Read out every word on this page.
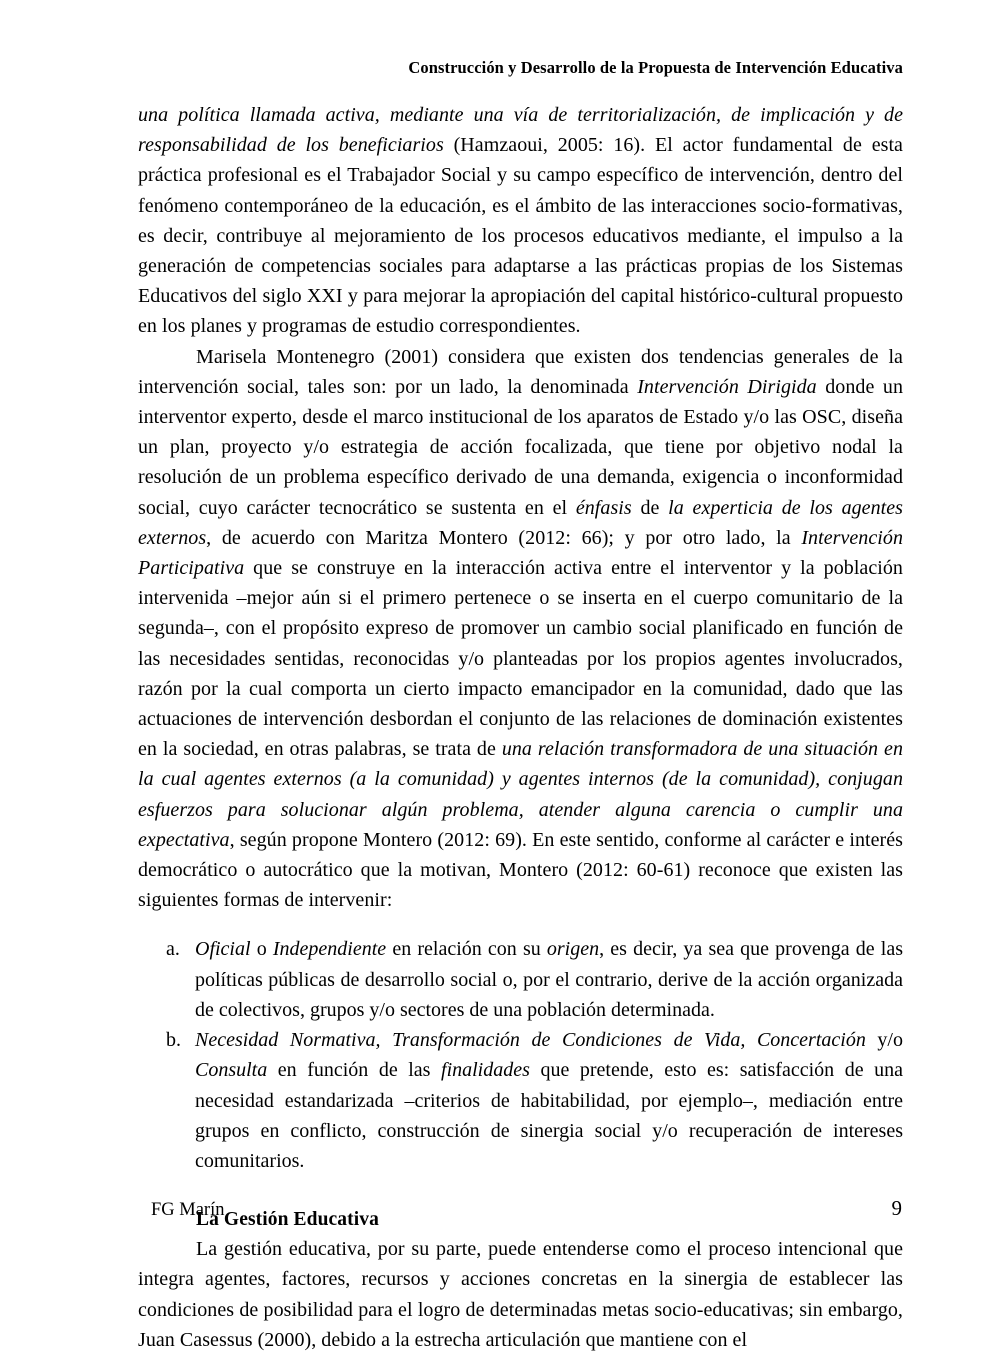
Construcción y Desarrollo de la Propuesta de Intervención Educativa

una política llamada activa, mediante una vía de territorialización, de implicación y de responsabilidad de los beneficiarios (Hamzaoui, 2005: 16). El actor fundamental de esta práctica profesional es el Trabajador Social y su campo específico de intervención, dentro del fenómeno contemporáneo de la educación, es el ámbito de las interacciones socio-formativas, es decir, contribuye al mejoramiento de los procesos educativos mediante, el impulso a la generación de competencias sociales para adaptarse a las prácticas propias de los Sistemas Educativos del siglo XXI y para mejorar la apropiación del capital histórico-cultural propuesto en los planes y programas de estudio correspondientes.

Marisela Montenegro (2001) considera que existen dos tendencias generales de la intervención social, tales son: por un lado, la denominada Intervención Dirigida donde un interventor experto, desde el marco institucional de los aparatos de Estado y/o las OSC, diseña un plan, proyecto y/o estrategia de acción focalizada, que tiene por objetivo nodal la resolución de un problema específico derivado de una demanda, exigencia o inconformidad social, cuyo carácter tecnocrático se sustenta en el énfasis de la experticia de los agentes externos, de acuerdo con Maritza Montero (2012: 66); y por otro lado, la Intervención Participativa que se construye en la interacción activa entre el interventor y la población intervenida –mejor aún si el primero pertenece o se inserta en el cuerpo comunitario de la segunda–, con el propósito expreso de promover un cambio social planificado en función de las necesidades sentidas, reconocidas y/o planteadas por los propios agentes involucrados, razón por la cual comporta un cierto impacto emancipador en la comunidad, dado que las actuaciones de intervención desbordan el conjunto de las relaciones de dominación existentes en la sociedad, en otras palabras, se trata de una relación transformadora de una situación en la cual agentes externos (a la comunidad) y agentes internos (de la comunidad), conjugan esfuerzos para solucionar algún problema, atender alguna carencia o cumplir una expectativa, según propone Montero (2012: 69). En este sentido, conforme al carácter e interés democrático o autocrático que la motivan, Montero (2012: 60-61) reconoce que existen las siguientes formas de intervenir:

a. Oficial o Independiente en relación con su origen, es decir, ya sea que provenga de las políticas públicas de desarrollo social o, por el contrario, derive de la acción organizada de colectivos, grupos y/o sectores de una población determinada.
b. Necesidad Normativa, Transformación de Condiciones de Vida, Concertación y/o Consulta en función de las finalidades que pretende, esto es: satisfacción de una necesidad estandarizada –criterios de habitabilidad, por ejemplo–, mediación entre grupos en conflicto, construcción de sinergia social y/o recuperación de intereses comunitarios.
La Gestión Educativa

La gestión educativa, por su parte, puede entenderse como el proceso intencional que integra agentes, factores, recursos y acciones concretas en la sinergia de establecer las condiciones de posibilidad para el logro de determinadas metas socio-educativas; sin embargo, Juan Casessus (2000), debido a la estrecha articulación que mantiene con el

FG Marín	9
